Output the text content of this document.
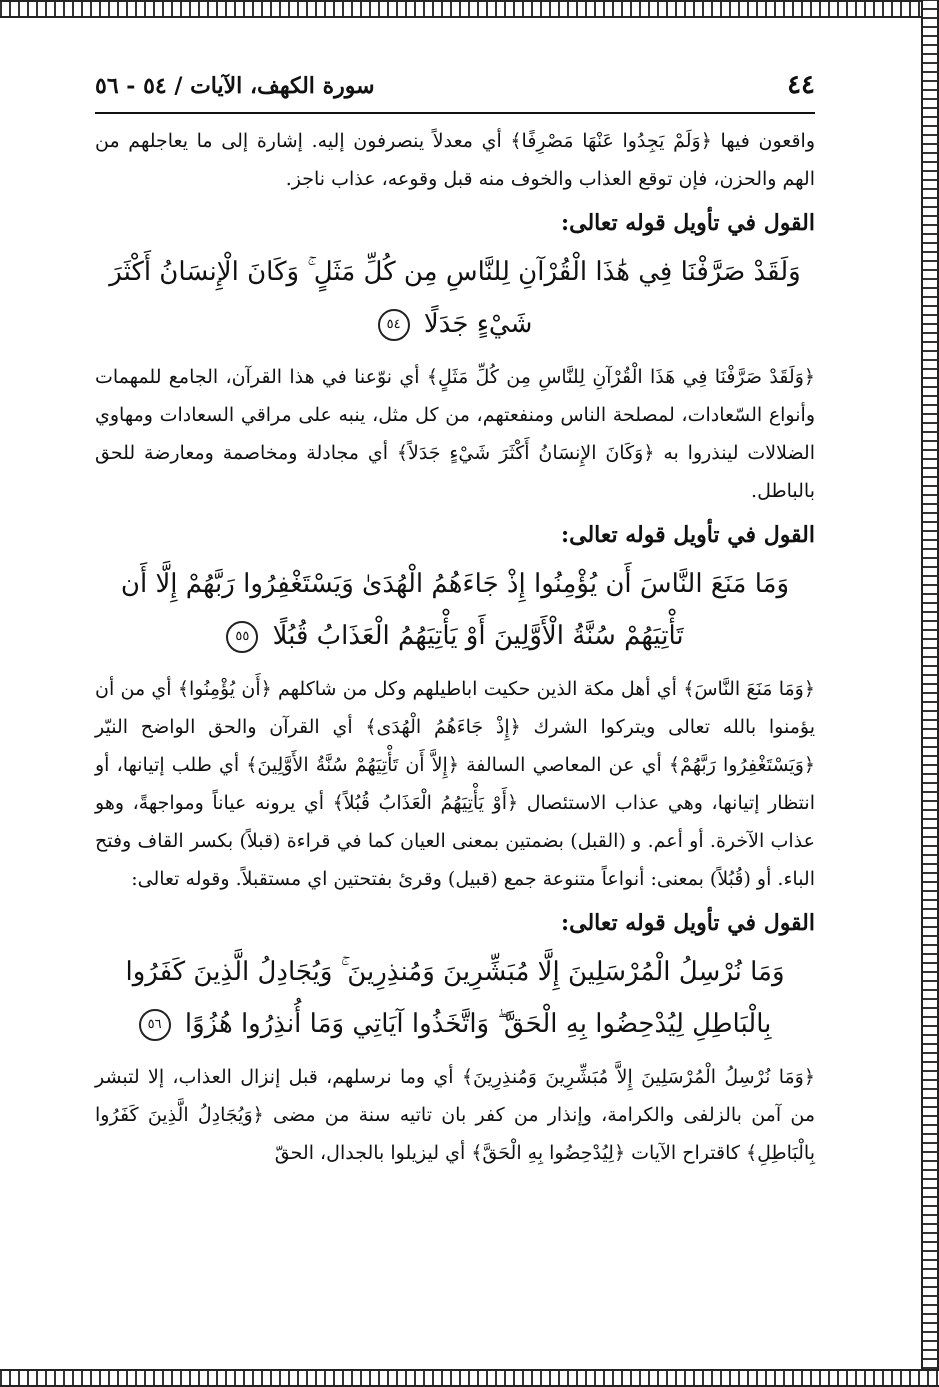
٤٤
سورة الكهف، الآيات / ٥٤ - ٥٦
واقعون فيها ﴿وَلَمْ يَجِدُوا عَنْهَا مَصْرِفًا﴾ أي معدلاً ينصرفون إليه. إشارة إلى ما يعاجلهم من الهم والحزن، فإن توقع العذاب والخوف منه قبل وقوعه، عذاب ناجز.
القول في تأويل قوله تعالى:
وَلَقَدْ صَرَّفْنَا فِي هَٰذَا الْقُرْآنِ لِلنَّاسِ مِن كُلِّ مَثَلٍ ۚ وَكَانَ الْإِنسَانُ أَكْثَرَ شَيْءٍ جَدَلًا ٥٤
﴿وَلَقَدْ صَرَّفْنَا فِي هَذَا الْقُرْآنِ لِلنَّاسِ مِن كُلِّ مَثَلٍ﴾ أي نوّعنا في هذا القرآن، الجامع للمهمات وأنواع السّعادات، لمصلحة الناس ومنفعتهم، من كل مثل، ينبه على مراقي السعادات ومهاوي الضلالات لينذروا به ﴿وَكَانَ الإِنسَانُ أَكْثَرَ شَيْءٍ جَدَلاً﴾ أي مجادلة ومخاصمة ومعارضة للحق بالباطل.
القول في تأويل قوله تعالى:
وَمَا مَنَعَ النَّاسَ أَن يُؤْمِنُوا إِذْ جَاءَهُمُ الْهُدَىٰ وَيَسْتَغْفِرُوا رَبَّهُمْ إِلَّا أَن تَأْتِيَهُمْ سُنَّةُ الْأَوَّلِينَ أَوْ يَأْتِيَهُمُ الْعَذَابُ قُبُلًا ٥٥
﴿وَمَا مَنَعَ النَّاسَ﴾ أي أهل مكة الذين حكيت اباطيلهم وكل من شاكلهم ﴿أَن يُؤْمِنُوا﴾ أي من أن يؤمنوا بالله تعالى ويتركوا الشرك ﴿إِذْ جَاءَهُمُ الْهُدَى﴾ أي القرآن والحق الواضح النيّر ﴿وَيَسْتَغْفِرُوا رَبَّهُمْ﴾ أي عن المعاصي السالفة ﴿إِلاَّ أَن تَأْتِيَهُمْ سُنَّةُ الأَوَّلِينَ﴾ أي طلب إتيانها، أو انتظار إتيانها، وهي عذاب الاستئصال ﴿أَوْ يَأْتِيَهُمُ الْعَذَابُ قُبُلاً﴾ أي يرونه عياناً ومواجهةً، وهو عذاب الآخرة. أو أعم. و (القبل) بضمتين بمعنى العيان كما في قراءة (قبلاً) بكسر القاف وفتح الباء. أو (قُبُلاً) بمعنى: أنواعاً متنوعة جمع (قبيل) وقرئ بفتحتين اي مستقبلاً. وقوله تعالى:
القول في تأويل قوله تعالى:
وَمَا نُرْسِلُ الْمُرْسَلِينَ إِلَّا مُبَشِّرِينَ وَمُنذِرِينَ ۚ وَيُجَادِلُ الَّذِينَ كَفَرُوا بِالْبَاطِلِ لِيُدْحِضُوا بِهِ الْحَقَّ ۖ وَاتَّخَذُوا آيَاتِي وَمَا أُنذِرُوا هُزُوًا ٥٦
﴿وَمَا نُرْسِلُ الْمُرْسَلِينَ إِلاَّ مُبَشِّرِينَ وَمُنذِرِينَ﴾ أي وما نرسلهم، قبل إنزال العذاب، إلا لتبشر من آمن بالزلفى والكرامة، وإنذار من كفر بان تاتيه سنة من مضى ﴿وَيُجَادِلُ الَّذِينَ كَفَرُوا بِالْبَاطِلِ﴾ كاقتراح الآيات ﴿لِيُدْحِضُوا بِهِ الْحَقَّ﴾ أي ليزيلوا بالجدال، الحقّ
